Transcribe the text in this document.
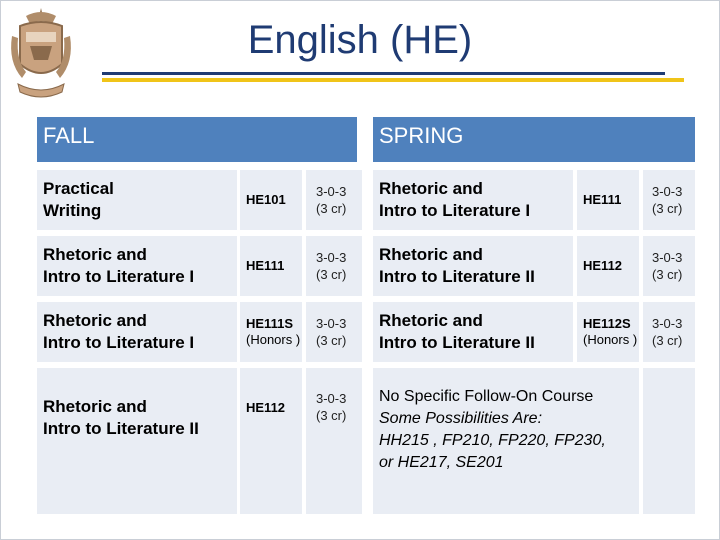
English (HE)
FALL	SPRING
Practical
Writing
HE101
3-0-3
(3 cr)
Rhetoric and
Intro to Literature I
HE111
3-0-3
(3 cr)
Rhetoric and
Intro to Literature I
HE111
3-0-3
(3 cr)
Rhetoric and
Intro to Literature II
HE112
3-0-3
(3 cr)
Rhetoric and
Intro to Literature I
HE111S
(Honors )
3-0-3
(3 cr)
Rhetoric and
Intro to Literature II
HE112S
(Honors )
3-0-3
(3 cr)
Rhetoric and
Intro to Literature II
HE112
3-0-3
(3 cr)
No Specific Follow-On Course
Some Possibilities Are:
HH215 , FP210, FP220, FP230,
or HE217, SE201
